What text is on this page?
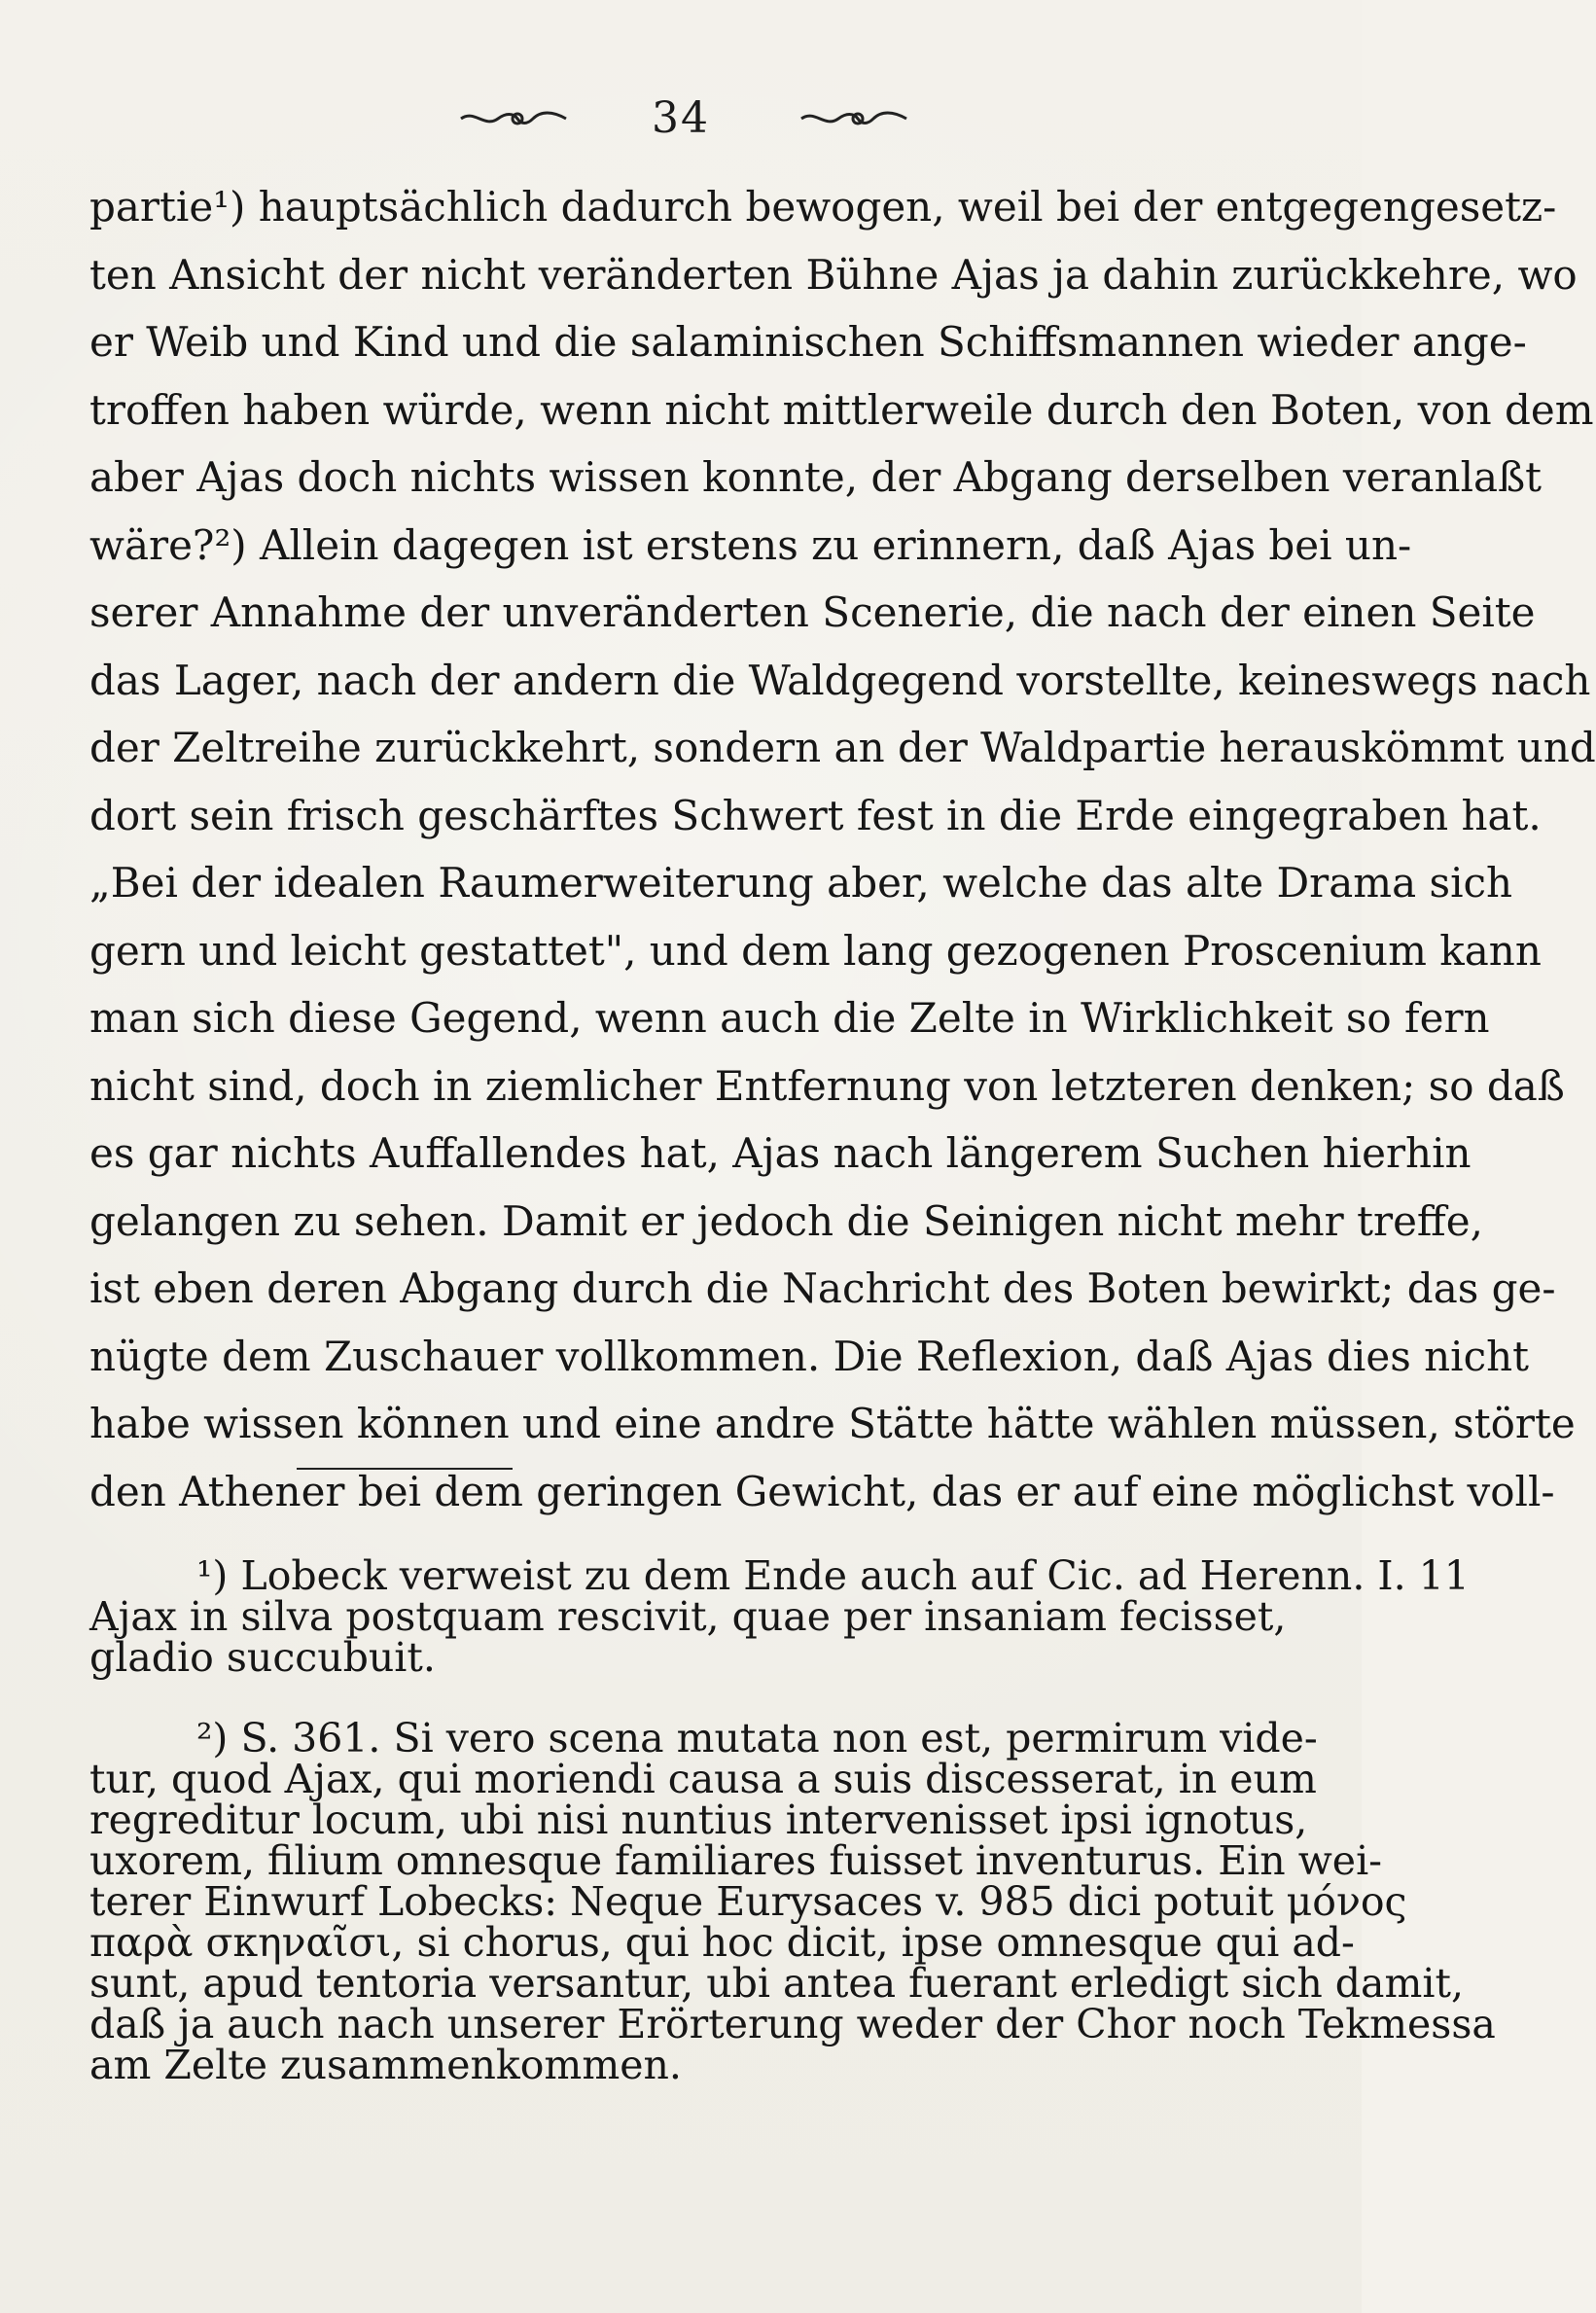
34
partie¹) hauptsächlich dadurch bewogen, weil bei der entgegengesetz-
ten Ansicht der nicht veränderten Bühne Ajas ja dahin zurückkehre, wo
er Weib und Kind und die salaminischen Schiffsmannen wieder ange-
troffen haben würde, wenn nicht mittlerweile durch den Boten, von dem
aber Ajas doch nichts wissen konnte, der Abgang derselben veranlaßt
wäre?²) Allein dagegen ist erstens zu erinnern, daß Ajas bei un-
serer Annahme der unveränderten Scenerie, die nach der einen Seite
das Lager, nach der andern die Waldgegend vorstellte, keineswegs nach
der Zeltreihe zurückkehrt, sondern an der Waldpartie herauskömmt und
dort sein frisch geschärftes Schwert fest in die Erde eingegraben hat.
„Bei der idealen Raumerweiterung aber, welche das alte Drama sich
gern und leicht gestattet", und dem lang gezogenen Proscenium kann
man sich diese Gegend, wenn auch die Zelte in Wirklichkeit so fern
nicht sind, doch in ziemlicher Entfernung von letzteren denken; so daß
es gar nichts Auffallendes hat, Ajas nach längerem Suchen hierhin
gelangen zu sehen. Damit er jedoch die Seinigen nicht mehr treffe,
ist eben deren Abgang durch die Nachricht des Boten bewirkt; das ge-
nügte dem Zuschauer vollkommen. Die Reflexion, daß Ajas dies nicht
habe wissen können und eine andre Stätte hätte wählen müssen, störte
den Athener bei dem geringen Gewicht, das er auf eine möglichst voll-
¹) Lobeck verweist zu dem Ende auch auf Cic. ad Herenn. I. 11
Ajax in silva postquam rescivit, quae per insaniam fecisset,
gladio succubuit.
²) S. 361. Si vero scena mutata non est, permirum vide-
tur, quod Ajax, qui moriendi causa a suis discesserat, in eum
regreditur locum, ubi nisi nuntius intervenisset ipsi ignotus,
uxorem, filium omnesque familiares fuisset inventurus. Ein wei-
terer Einwurf Lobecks: Neque Eurysaces v. 985 dici potuit μόνος
παρὰ σκηναῖσι, si chorus, qui hoc dicit, ipse omnesque qui ad-
sunt, apud tentoria versantur, ubi antea fuerant erledigt sich damit,
daß ja auch nach unserer Erörterung weder der Chor noch Tekmessa
am Zelte zusammenkommen.
